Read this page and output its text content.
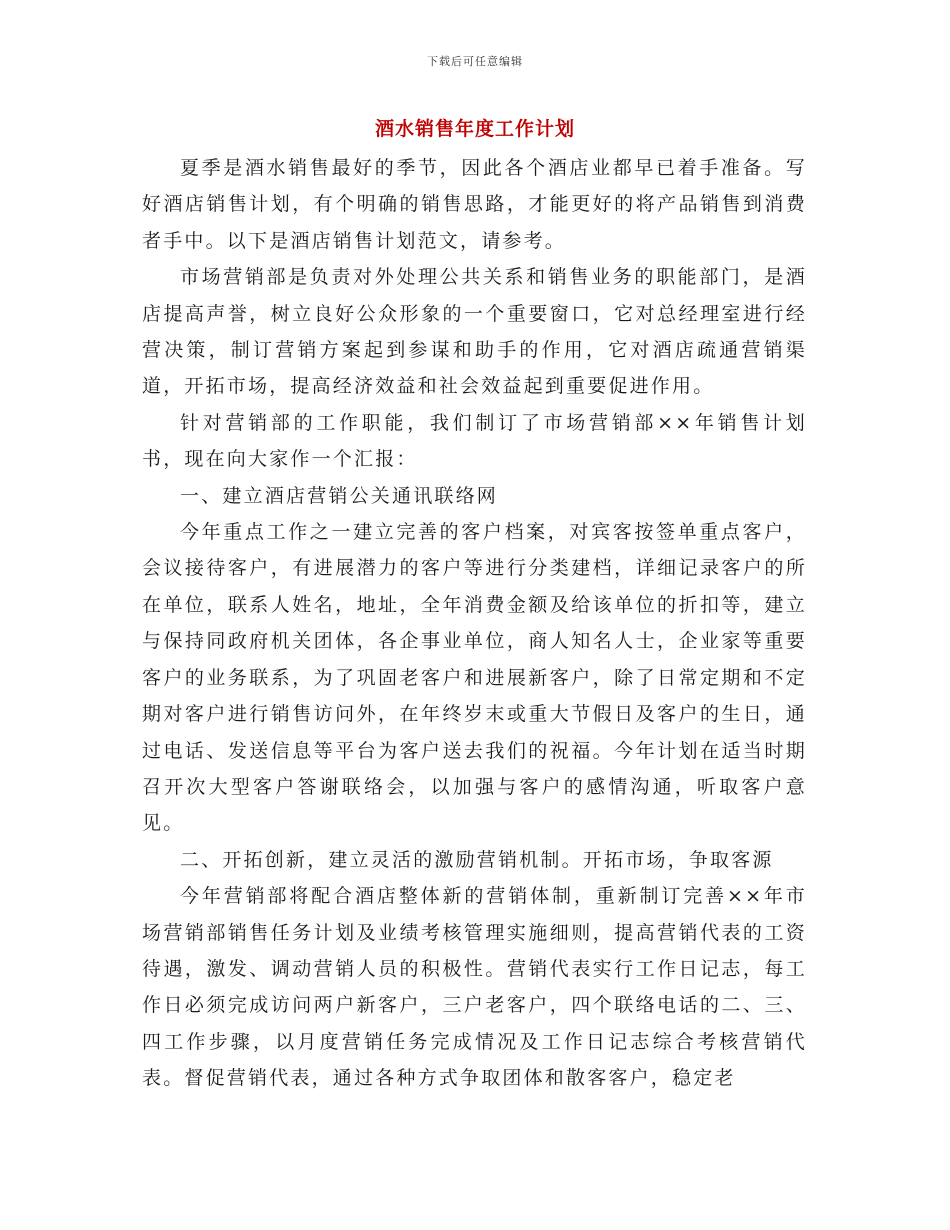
下载后可任意编辑
酒水销售年度工作计划

夏季是酒水销售最好的季节，因此各个酒店业都早已着手准备。写好酒店销售计划，有个明确的销售思路，才能更好的将产品销售到消费者手中。以下是酒店销售计划范文，请参考。

市场营销部是负责对外处理公共关系和销售业务的职能部门，是酒店提高声誉，树立良好公众形象的一个重要窗口，它对总经理室进行经营决策，制订营销方案起到参谋和助手的作用，它对酒店疏通营销渠道，开拓市场，提高经济效益和社会效益起到重要促进作用。

针对营销部的工作职能，我们制订了市场营销部××年销售计划书，现在向大家作一个汇报：

一、建立酒店营销公关通讯联络网

今年重点工作之一建立完善的客户档案，对宾客按签单重点客户，会议接待客户，有进展潜力的客户等进行分类建档，详细记录客户的所在单位，联系人姓名，地址，全年消费金额及给该单位的折扣等，建立与保持同政府机关团体，各企事业单位，商人知名人士，企业家等重要客户的业务联系，为了巩固老客户和进展新客户，除了日常定期和不定期对客户进行销售访问外，在年终岁末或重大节假日及客户的生日，通过电话、发送信息等平台为客户送去我们的祝福。今年计划在适当时期召开次大型客户答谢联络会，以加强与客户的感情沟通，听取客户意见。

二、开拓创新，建立灵活的激励营销机制。开拓市场，争取客源

今年营销部将配合酒店整体新的营销体制，重新制订完善××年市场营销部销售任务计划及业绩考核管理实施细则，提高营销代表的工资待遇，激发、调动营销人员的积极性。营销代表实行工作日记志，每工作日必须完成访问两户新客户，三户老客户，四个联络电话的二、三、四工作步骤，以月度营销任务完成情况及工作日记志综合考核营销代表。督促营销代表，通过各种方式争取团体和散客客户，稳定老
